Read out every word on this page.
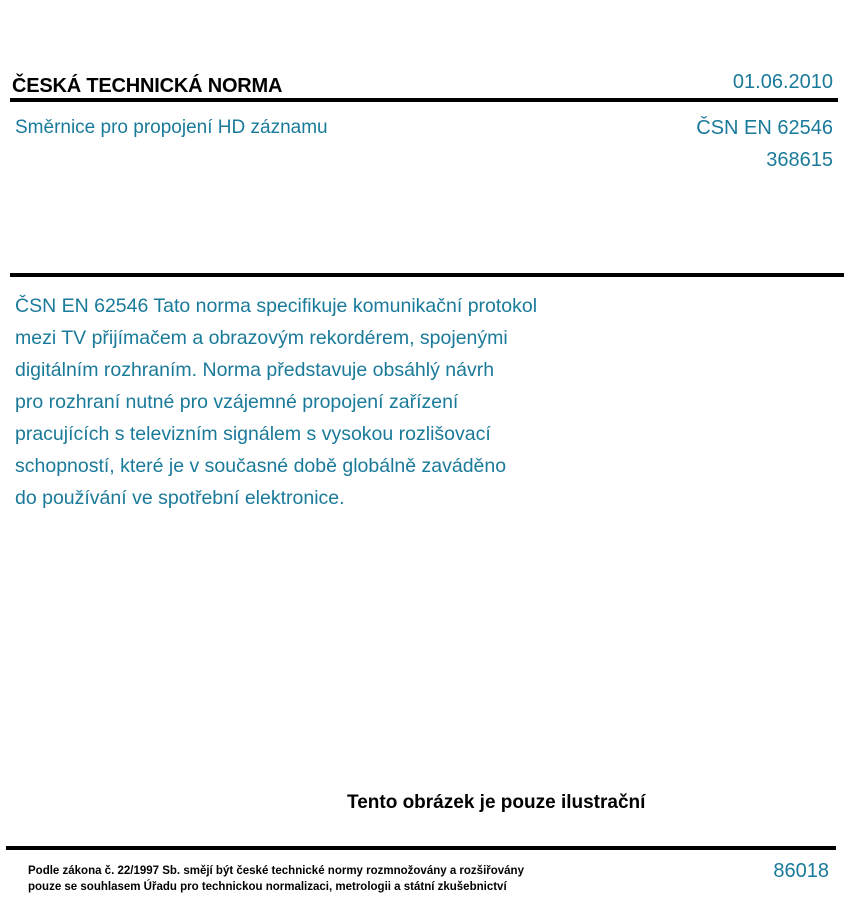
ČESKÁ TECHNICKÁ NORMA	01.06.2010
Směrnice pro propojení HD záznamu	ČSN EN 62546
368615
ČSN EN 62546 Tato norma specifikuje komunikační protokol
mezi TV přijímačem a obrazovým rekordérem, spojenými
digitálním rozhraním. Norma představuje obsáhlý návrh
pro rozhraní nutné pro vzájemné propojení zařízení
pracujících s televizním signálem s vysokou rozlišovací
schopností, které je v současné době globálně zaváděno
do používání ve spotřební elektronice.
Tento obrázek je pouze ilustrační
Podle zákona č. 22/1997 Sb. smějí být české technické normy rozmnožovány a rozšiřovány
pouze se souhlasem Úřadu pro technickou normalizaci, metrologii a státní zkušebnictví
86018
